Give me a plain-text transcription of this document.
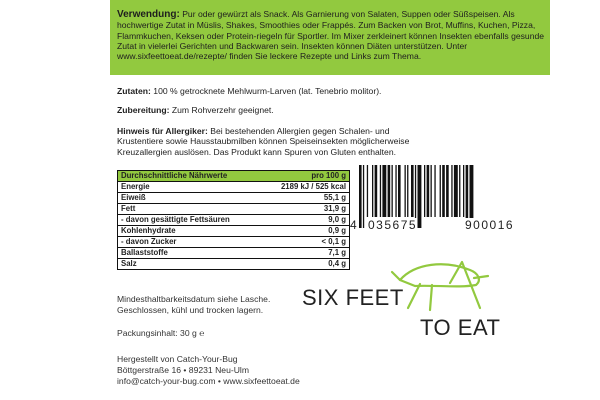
Verwendung: Pur oder gewürzt als Snack. Als Garnierung von Salaten, Suppen oder Süßspeisen. Als hochwertige Zutat in Müslis, Shakes, Smoothies oder Frappés. Zum Backen von Brot, Muffins, Kuchen, Pizza, Flammkuchen, Keksen oder Protein-riegeln für Sportler. Im Mixer zerkleinert können Insekten ebenfalls gesunde Zutat in vielerlei Gerichten und Backwaren sein. Insekten können Diäten unterstützen. Unter www.sixfeettoeat.de/rezepte/ finden Sie leckere Rezepte und Links zum Thema.
Zutaten: 100 % getrocknete Mehlwurm-Larven (lat. Tenebrio molitor).
Zubereitung: Zum Rohverzehr geeignet.
Hinweis für Allergiker: Bei bestehenden Allergien gegen Schalen- und Krustentiere sowie Hausstaubmilben können Speiseinsekten möglicherweise Kreuzallergien auslösen. Das Produkt kann Spuren von Gluten enthalten.
Durchschnittliche Nährwerte	pro 100 g
Energie	2189 kJ / 525 kcal
Eiweiß	55,1 g
Fett	31,9 g
- davon gesättigte Fettsäuren	9,0 g
Kohlenhydrate	0,9 g
- davon Zucker	< 0,1 g
Ballaststoffe	7,1 g
Salz	0,4 g
4 035675	900016
Mindesthaltbarkeitsdatum siehe Lasche.
Geschlossen, kühl und trocken lagern.
Packungsinhalt: 30 g ℮
Hergestellt von Catch-Your-Bug
Böttgerstraße 16 • 89231 Neu-Ulm
info@catch-your-bug.com • www.sixfeettoeat.de
SIX FEET
TO EAT
